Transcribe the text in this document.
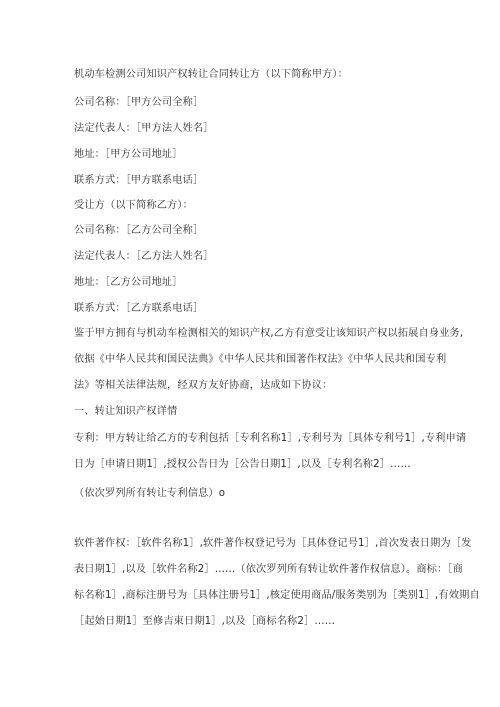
机动车检测公司知识产权转让合同转让方（以下简称甲方）：
公司名称：［甲方公司全称］
法定代表人：［甲方法人姓名］
地址：［甲方公司地址］
联系方式：［甲方联系电话］
受让方（以下简称乙方）：
公司名称：［乙方公司全称］
法定代表人：［乙方法人姓名］
地址：［乙方公司地址］
联系方式：［乙方联系电话］
鉴于甲方拥有与机动车检测相关的知识产权,乙方有意受让该知识产权以拓展自身业务,
依据《中华人民共和国民法典》《中华人民共和国著作权法》《中华人民共和国专利
法》等相关法律法规，经双方友好协商，达成如下协议：
一、转让知识产权详情
专利：甲方转让给乙方的专利包括［专利名称1］,专利号为［具体专利号1］,专利申请
日为［申请日期1］,授权公告日为［公告日期1］,以及［专利名称2］……
（依次罗列所有转让专利信息）o
软件著作权：［软件名称1］,软件著作权登记号为［具体登记号1］,首次发表日期为［发
表日期1］,以及［软件名称2］……（依次罗列所有转让软件著作权信息）。商标：［商
标名称1］,商标注册号为［具体注册号1］,核定使用商品/服务类别为［类别1］,有效期自
［起始日期1］至修吉束日期1］,以及［商标名称2］……
